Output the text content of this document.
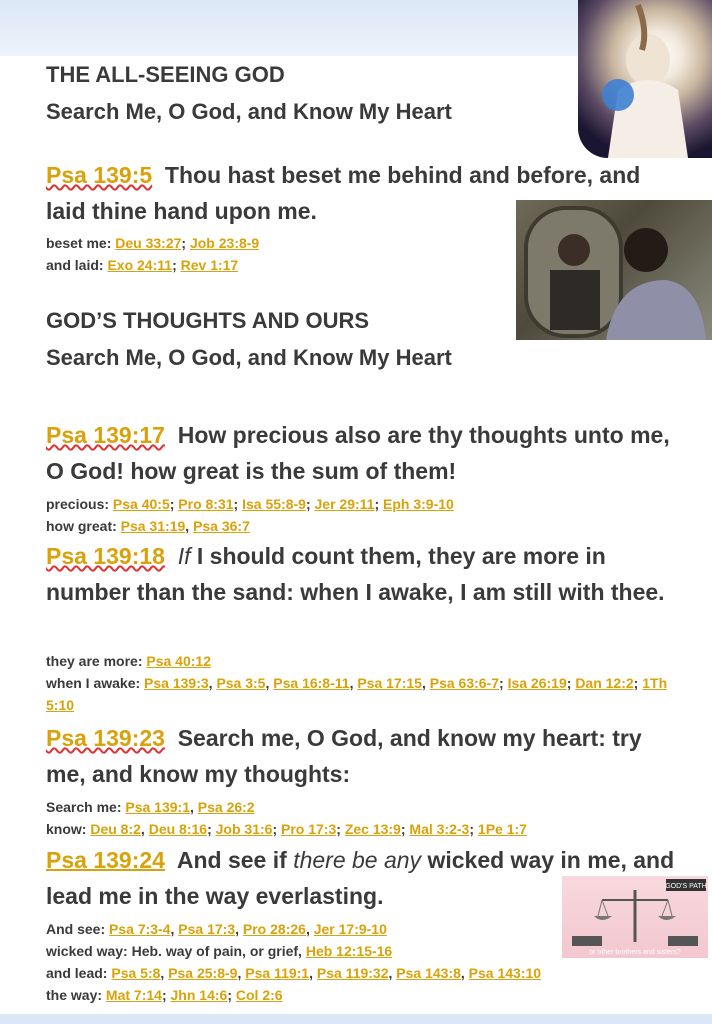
GOD'S PATH
or other brothers and sisters?
THE ALL-SEEING GOD
Search Me, O God, and Know My Heart
Psa 139:5 Thou hast beset me behind and before, and laid thine hand upon me.
beset me: Deu 33:27; Job 23:8-9
and laid: Exo 24:11; Rev 1:17
GOD’S THOUGHTS AND OURS
Search Me, O God, and Know My Heart
Psa 139:17 How precious also are thy thoughts unto me, O God! how great is the sum of them!
precious: Psa 40:5; Pro 8:31; Isa 55:8-9; Jer 29:11; Eph 3:9-10
how great: Psa 31:19, Psa 36:7
Psa 139:18 If I should count them, they are more in number than the sand: when I awake, I am still with thee.
they are more: Psa 40:12
when I awake: Psa 139:3, Psa 3:5, Psa 16:8-11, Psa 17:15, Psa 63:6-7; Isa 26:19; Dan 12:2; 1Th 5:10
Psa 139:23 Search me, O God, and know my heart: try me, and know my thoughts:
Search me: Psa 139:1, Psa 26:2
know: Deu 8:2, Deu 8:16; Job 31:6; Pro 17:3; Zec 13:9; Mal 3:2-3; 1Pe 1:7
Psa 139:24 And see if there be any wicked way in me, and lead me in the way everlasting.
And see: Psa 7:3-4, Psa 17:3, Pro 28:26, Jer 17:9-10
wicked way: Heb. way of pain, or grief, Heb 12:15-16
and lead: Psa 5:8, Psa 25:8-9, Psa 119:1, Psa 119:32, Psa 143:8, Psa 143:10
the way: Mat 7:14; Jhn 14:6; Col 2:6
